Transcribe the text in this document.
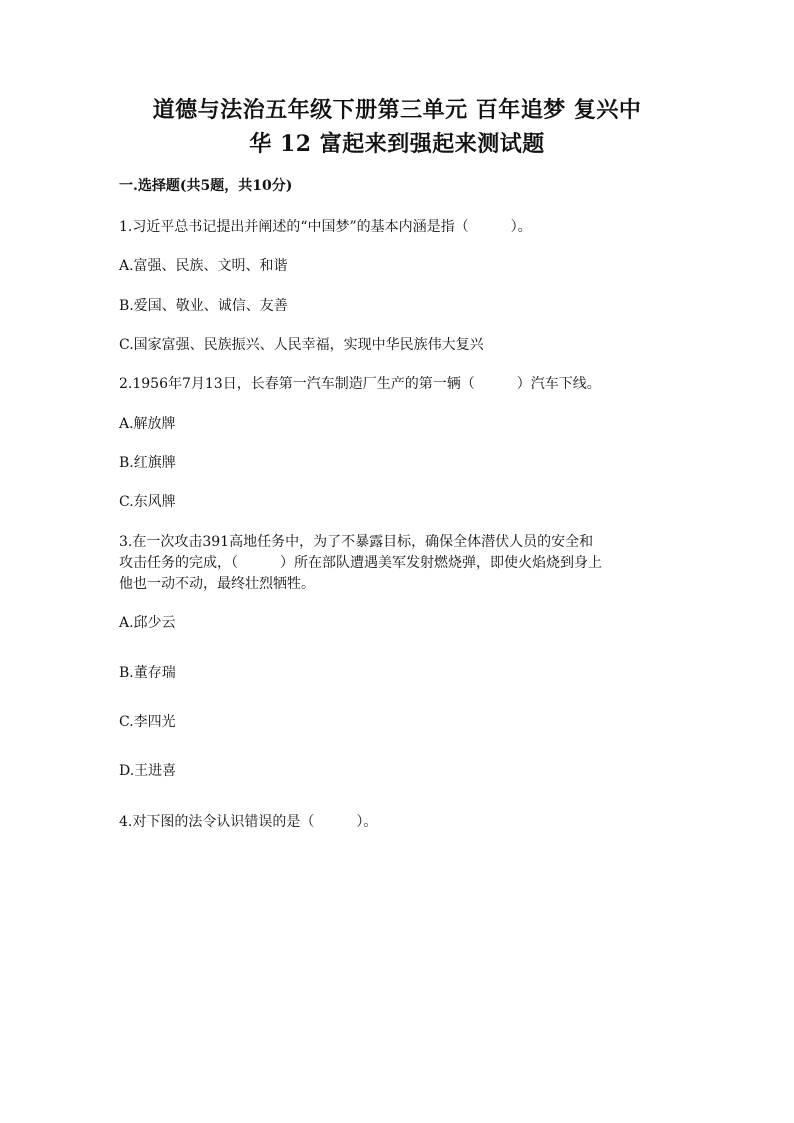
道德与法治五年级下册第三单元 百年追梦 复兴中
华 12 富起来到强起来测试题
一.选择题(共5题，共10分)
1.习近平总书记提出并阐述的“中国梦”的基本内涵是指（　　　）。
A.富强、民族、文明、和谐
B.爱国、敬业、诚信、友善
C.国家富强、民族振兴、人民幸福，实现中华民族伟大复兴
2.1956年7月13日，长春第一汽车制造厂生产的第一辆（　　　）汽车下线。
A.解放牌
B.红旗牌
C.东风牌
3.在一次攻击391高地任务中，为了不暴露目标，确保全体潜伏人员的安全和
攻击任务的完成，（　　　）所在部队遭遇美军发射燃烧弹，即使火焰烧到身上
他也一动不动，最终壮烈牺牲。
A.邱少云
B.董存瑞
C.李四光
D.王进喜
4.对下图的法令认识错误的是（　　　）。
